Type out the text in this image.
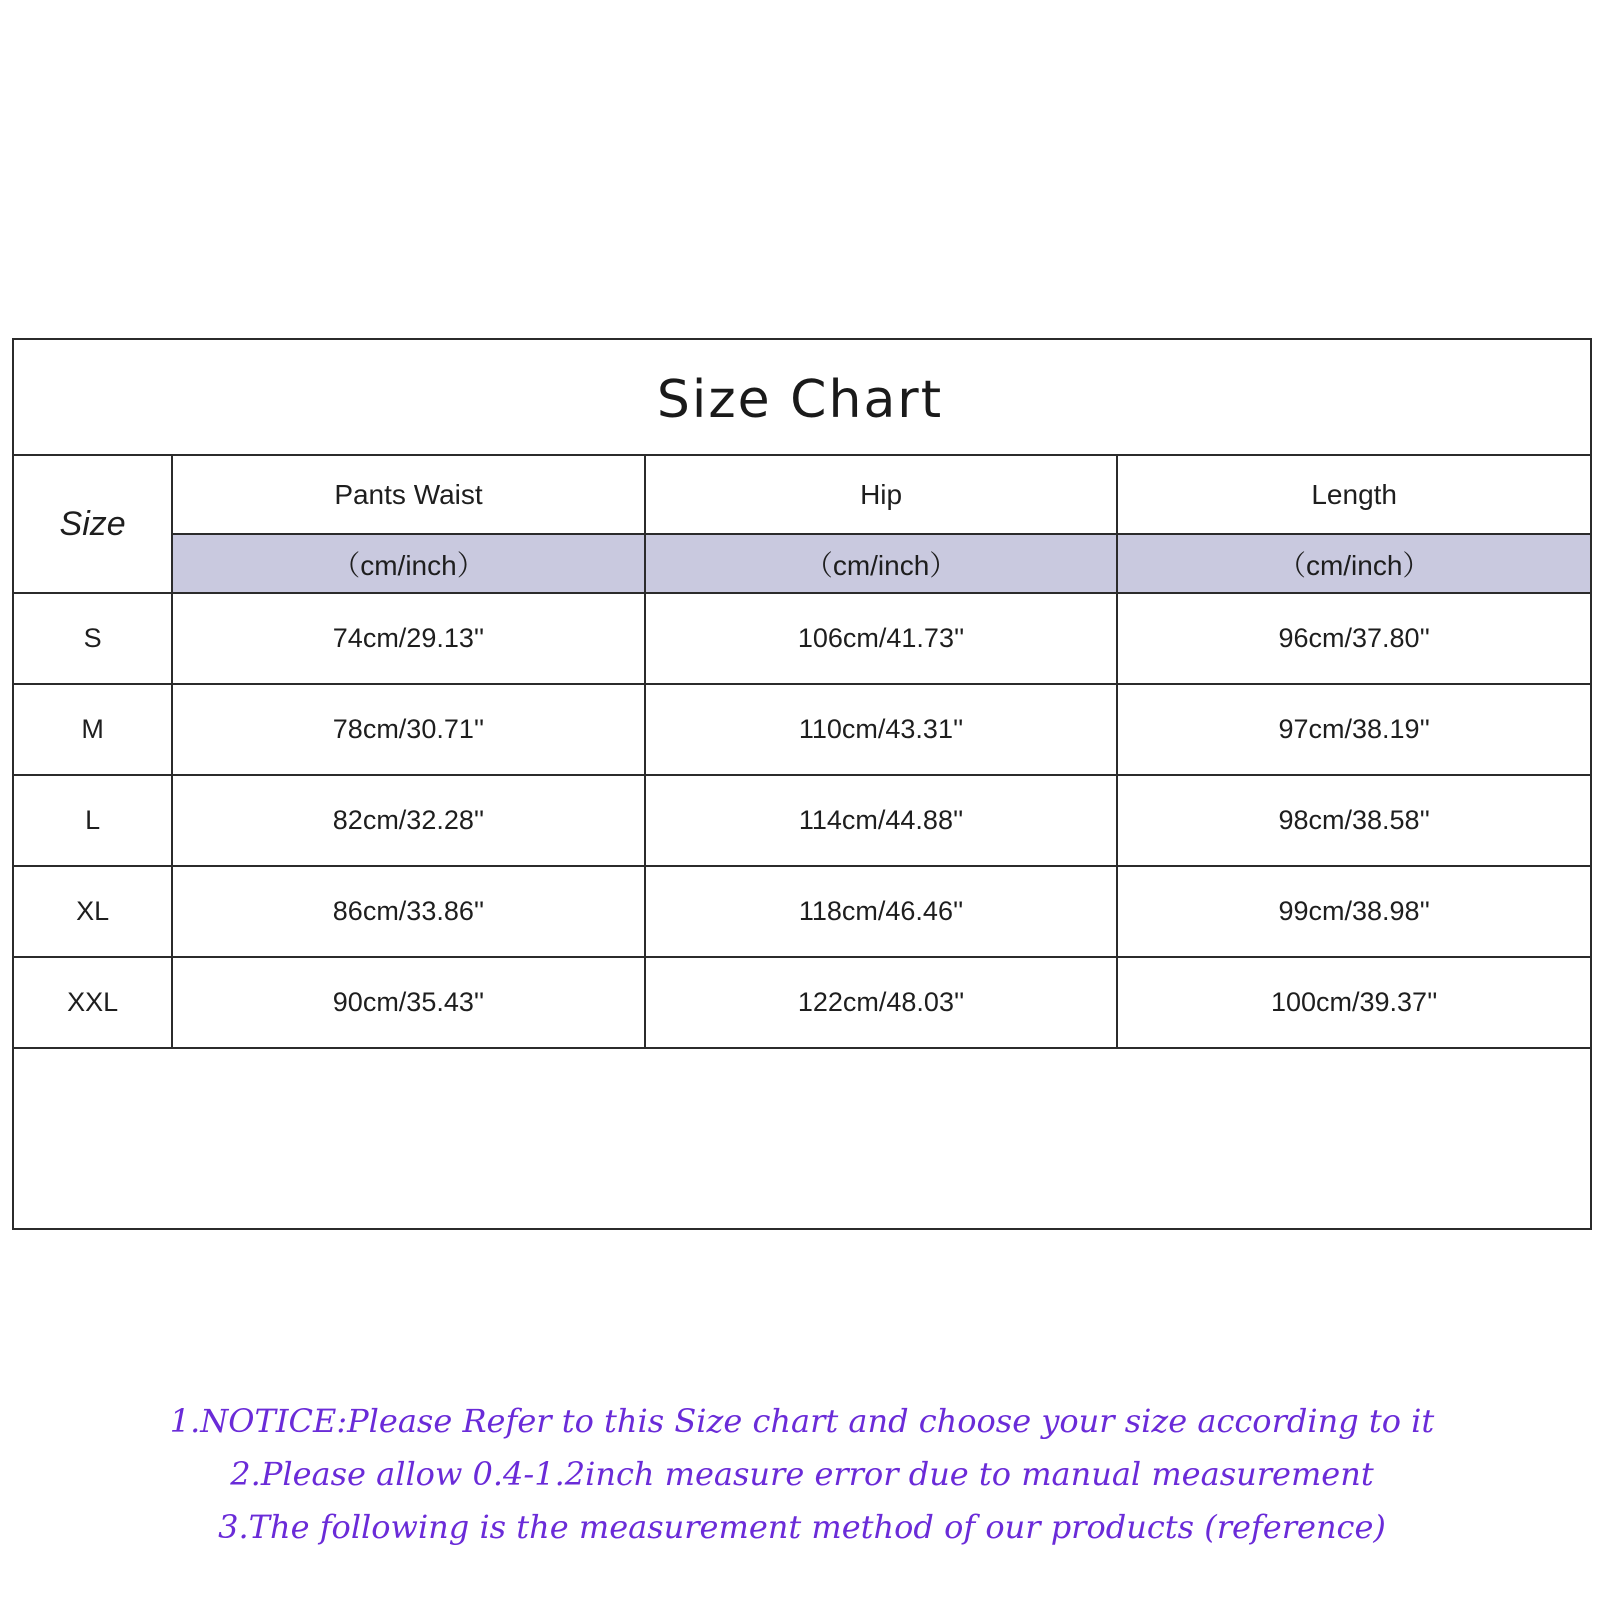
Size Chart
Size	Pants Waist	Hip	Length
	（cm/inch）	（cm/inch）	（cm/inch）
S	74cm/29.13''	106cm/41.73''	96cm/37.80''
M	78cm/30.71''	110cm/43.31''	97cm/38.19''
L	82cm/32.28''	114cm/44.88''	98cm/38.58''
XL	86cm/33.86''	118cm/46.46''	99cm/38.98''
XXL	90cm/35.43''	122cm/48.03''	100cm/39.37''
1.NOTICE:Please Refer to this Size chart and choose your size according to it
2.Please allow 0.4-1.2inch measure error due to manual measurement
3.The following is the measurement method of our products (reference)
